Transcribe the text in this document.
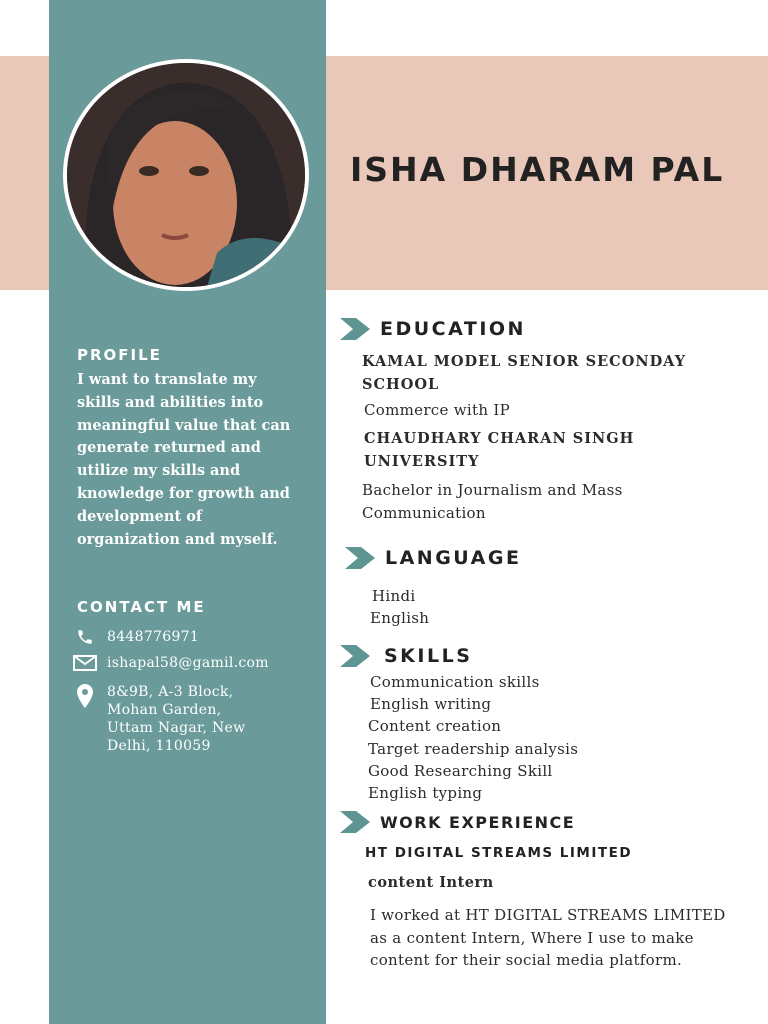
ISHA DHARAM PAL
PROFILE

I want to translate my skills and abilities into meaningful value that can generate returned and utilize my skills and knowledge for growth and development of organization and myself.

CONTACT ME
8448776971
ishapal58@gamil.com
8&9B, A-3 Block, Mohan Garden, Uttam Nagar, New Delhi, 110059
EDUCATION

KAMAL MODEL SENIOR SECONDAY SCHOOL

Commerce with IP

CHAUDHARY CHARAN SINGH UNIVERSITY

Bachelor in Journalism and Mass Communication

LANGUAGE
Hindi
English
SKILLS
Communication skills
English writing
Content creation
Target readership analysis
Good Researching Skill
English typing
WORK EXPERIENCE

HT DIGITAL STREAMS LIMITED

content Intern

I worked at HT DIGITAL STREAMS LIMITED as a content Intern, Where I use to make content for their social media platform.
